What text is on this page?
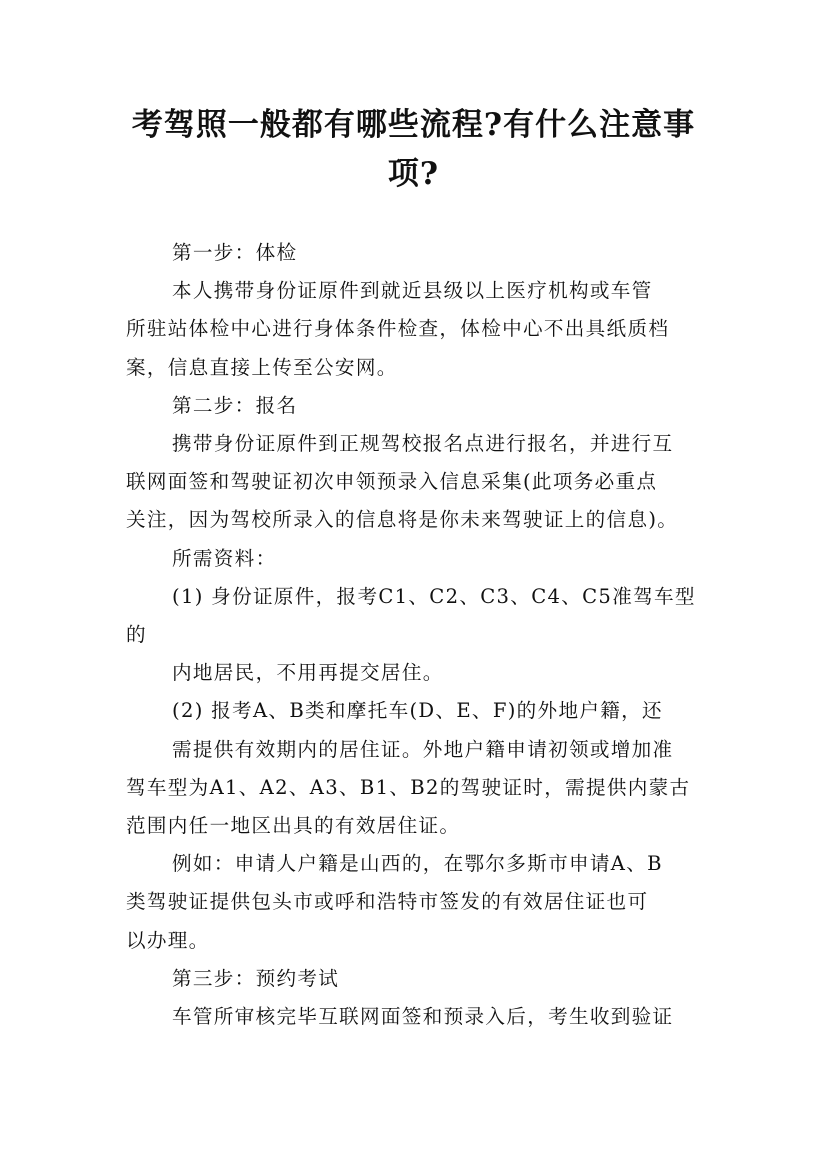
考驾照一般都有哪些流程?有什么注意事
项?

第一步：体检

本人携带身份证原件到就近县级以上医疗机构或车管

所驻站体检中心进行身体条件检查，体检中心不出具纸质档

案，信息直接上传至公安网。

第二步：报名

携带身份证原件到正规驾校报名点进行报名，并进行互

联网面签和驾驶证初次申领预录入信息采集(此项务必重点

关注，因为驾校所录入的信息将是你未来驾驶证上的信息)。

所需资料：

(1) 身份证原件，报考C1、C2、C3、C4、C5准驾车型

的

内地居民，不用再提交居住。

(2) 报考A、B类和摩托车(D、E、F)的外地户籍，还

需提供有效期内的居住证。外地户籍申请初领或增加准

驾车型为A1、A2、A3、B1、B2的驾驶证时，需提供内蒙古

范围内任一地区出具的有效居住证。

例如：申请人户籍是山西的，在鄂尔多斯市申请A、B

类驾驶证提供包头市或呼和浩特市签发的有效居住证也可

以办理。

第三步：预约考试

车管所审核完毕互联网面签和预录入后，考生收到验证
